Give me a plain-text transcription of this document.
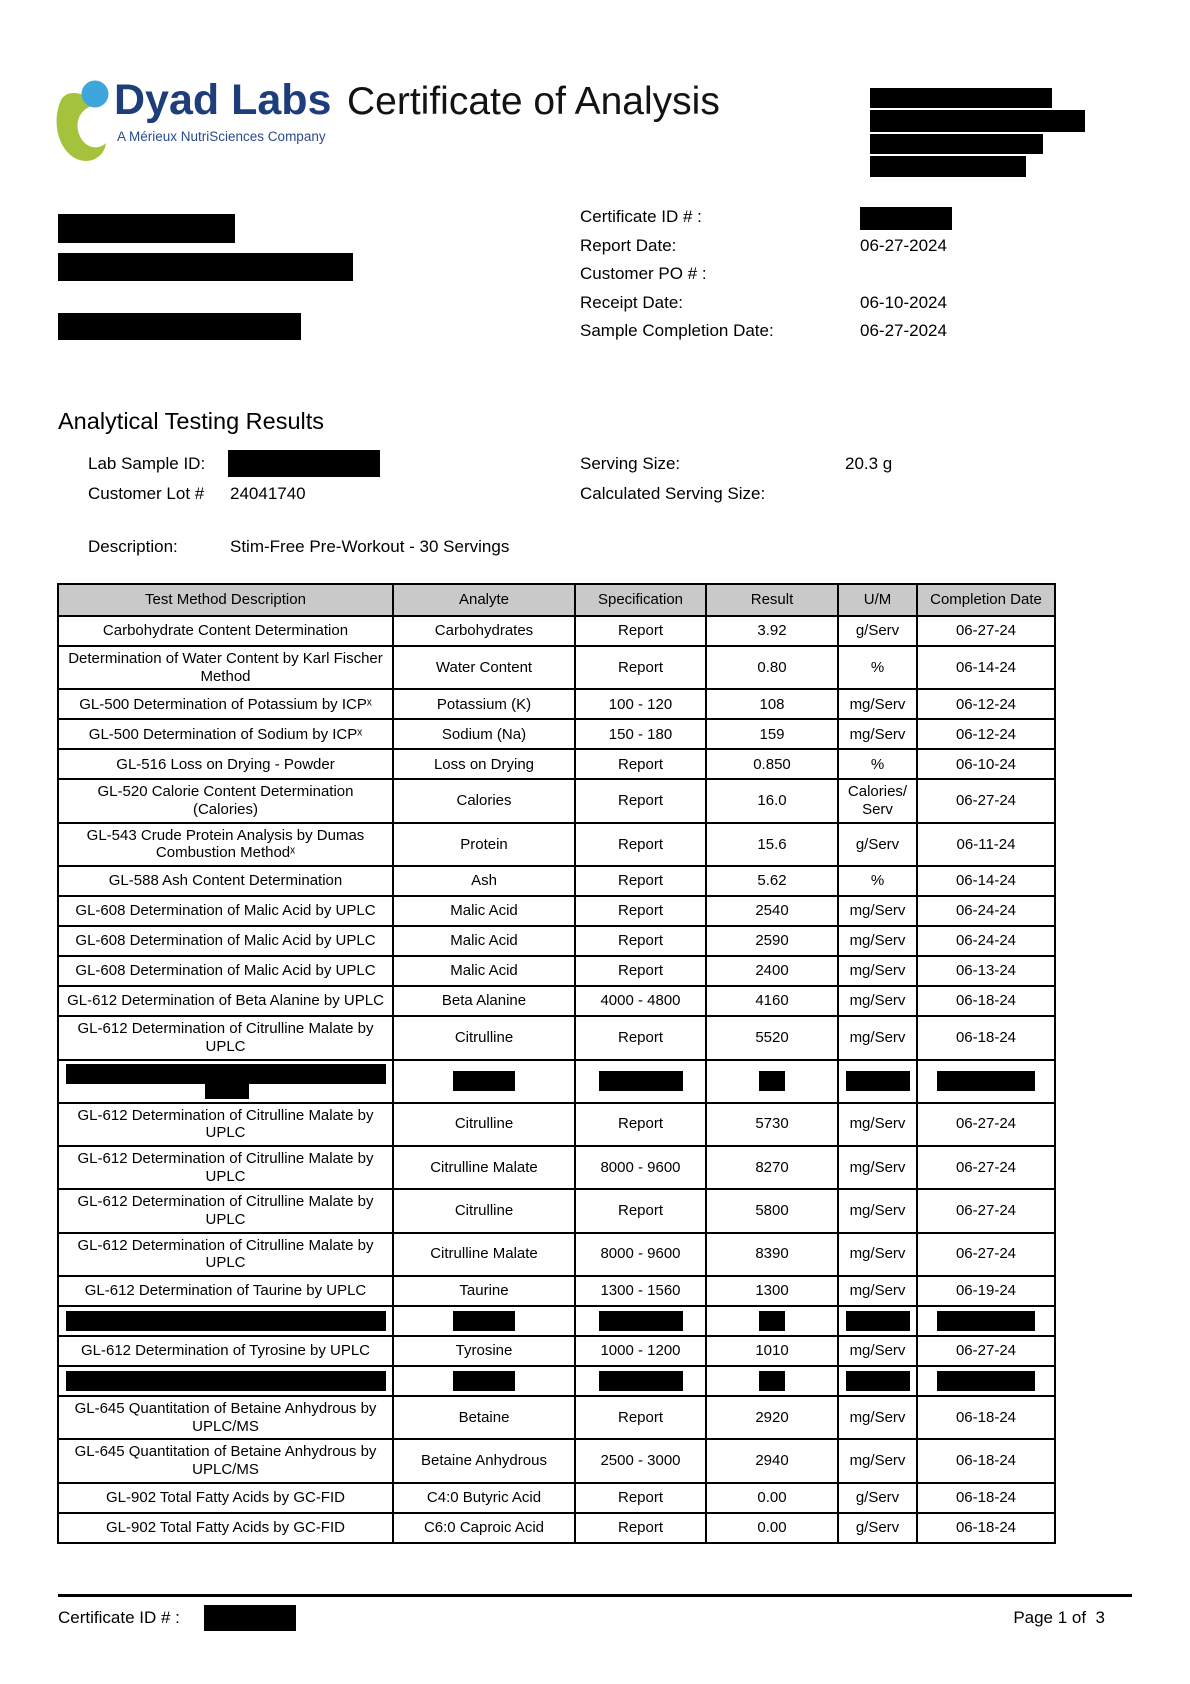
Dyad Labs
A Mérieux NutriSciences Company
Certificate of Analysis
Certificate ID # :
Report Date:	06-27-2024
Customer PO # :
Receipt Date:	06-10-2024
Sample Completion Date:	06-27-2024
Analytical Testing Results
Lab Sample ID:
Customer Lot # 24041740
Serving Size:	20.3 g
Calculated Serving Size:
Description:	Stim-Free Pre-Workout - 30 Servings
Test Method Description	Analyte	Specification	Result	U/M	Completion Date
Carbohydrate Content Determination	Carbohydrates	Report	3.92	g/Serv	06-27-24
Determination of Water Content by Karl Fischer Method	Water Content	Report	0.80	%	06-14-24
GL-500 Determination of Potassium by ICPˣ	Potassium (K)	100 - 120	108	mg/Serv	06-12-24
GL-500 Determination of Sodium by ICPˣ	Sodium (Na)	150 - 180	159	mg/Serv	06-12-24
GL-516 Loss on Drying - Powder	Loss on Drying	Report	0.850	%	06-10-24
GL-520 Calorie Content Determination (Calories)	Calories	Report	16.0	Calories/Serv	06-27-24
GL-543 Crude Protein Analysis by Dumas Combustion Methodˣ	Protein	Report	15.6	g/Serv	06-11-24
GL-588 Ash Content Determination	Ash	Report	5.62	%	06-14-24
GL-608 Determination of Malic Acid by UPLC	Malic Acid	Report	2540	mg/Serv	06-24-24
GL-608 Determination of Malic Acid by UPLC	Malic Acid	Report	2590	mg/Serv	06-24-24
GL-608 Determination of Malic Acid by UPLC	Malic Acid	Report	2400	mg/Serv	06-13-24
GL-612 Determination of Beta Alanine by UPLC	Beta Alanine	4000 - 4800	4160	mg/Serv	06-18-24
GL-612 Determination of Citrulline Malate by UPLC	Citrulline	Report	5520	mg/Serv	06-18-24

GL-612 Determination of Citrulline Malate by UPLC	Citrulline	Report	5730	mg/Serv	06-27-24
GL-612 Determination of Citrulline Malate by UPLC	Citrulline Malate	8000 - 9600	8270	mg/Serv	06-27-24
GL-612 Determination of Citrulline Malate by UPLC	Citrulline	Report	5800	mg/Serv	06-27-24
GL-612 Determination of Citrulline Malate by UPLC	Citrulline Malate	8000 - 9600	8390	mg/Serv	06-27-24
GL-612 Determination of Taurine by UPLC	Taurine	1300 - 1560	1300	mg/Serv	06-19-24

GL-612 Determination of Tyrosine by UPLC	Tyrosine	1000 - 1200	1010	mg/Serv	06-27-24

GL-645 Quantitation of Betaine Anhydrous by UPLC/MS	Betaine	Report	2920	mg/Serv	06-18-24
GL-645 Quantitation of Betaine Anhydrous by UPLC/MS	Betaine Anhydrous	2500 - 3000	2940	mg/Serv	06-18-24
GL-902 Total Fatty Acids by GC-FID	C4:0 Butyric Acid	Report	0.00	g/Serv	06-18-24
GL-902 Total Fatty Acids by GC-FID	C6:0 Caproic Acid	Report	0.00	g/Serv	06-18-24
Certificate ID # :	Page 1 of  3
